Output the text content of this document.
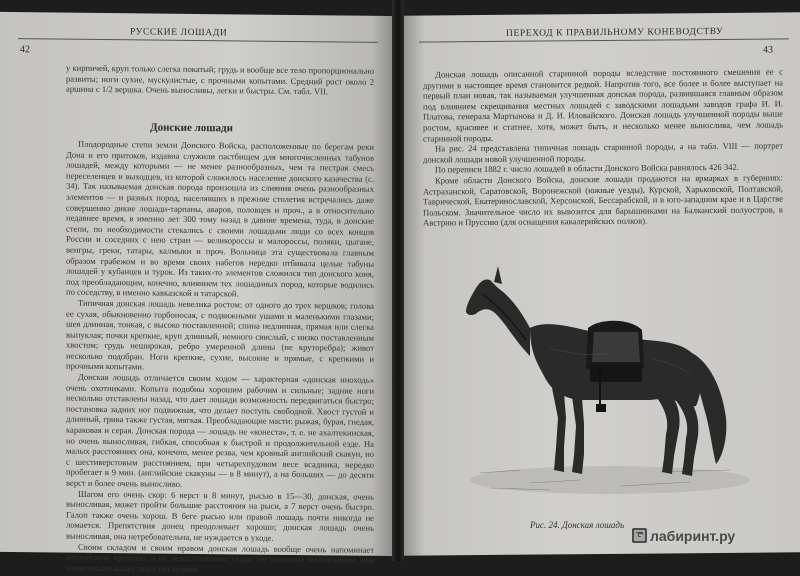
РУССКИЕ ЛОШАДИ
42

у кирпичей, круп только слегка покатый; грудь и вообще все тело пропорционально развиты; ноги сухие, мускулистые, с прочными копытами. Средний рост около 2 аршина с 1/2 вершка. Очень выносливы, легки и быстры. См. табл. VII.

Донские лошади

Плодородные степи земли Донского Войска, расположенные по берегам реки Дона и его притоков, издавна служили пастбищем для многочисленных табунов лошадей, между которыми — не менее разнообразных, чем та пестрая смесь переселенцев и выходцев, из которой сложилось население донского казачества (с. 34). Так называемая донская порода произошла из слияния очень разнообразных элементов — и разных пород, населявших в прежние столетия встречались даже совершенно дикие лошади-тарпаны, аваров, половцев и проч., а в относительно недавнее время, в именно лет 300 тому назад в давние времена, туда, в донские степи, по необходимости стекались с своими лошадьми люди со всех концов России и соседних с нею стран — великороссы и малороссы, поляки, цыгане, венгры, греки, татары, калмыки и проч. Вольница эта существовала главным образом грабежом и во время своих набегов нередко отбивала целые табуны лошадей у кубанцев и турок. Из таких-то элементов сложился тип донского коня, под преобладающим, конечно, влиянием тех лошадиных пород, которые водились по соседству, в именно кавказской и татарской.

Типичная донская лошадь невелика ростом: от одного до трех вершков; голова ее сухая, обыкновенно горбоносая, с подвижными ушами и маленькими глазами; шея длинная, тонкая, с высоко поставленной; спина недлинная, прямая или слегка выпуклая; почки крепкие, круп длинный, немного свислый, с низко поставленным хвостом; грудь неширокая, ребро умеренной длины (не круторебра); живот несколько подобран. Ноги крепкие, сухие, высокие и прямые, с крепкими и прочными копытами.

Донская лошадь отличается своим ходом — характерная «донская иноходь» очень охотниками. Копыта подобны хорошим рабочим и сильные; задние ноги несколько отставлены назад, что дает лошади возможность передвигаться быстро; постановка задних ног подвижная, что делает поступь свободной. Хвост густой и длинный, грива также густая, мягкая. Преобладающие масти: рыжая, бурая, гнедая, караковая и серая. Донская порода — лошадь не «конеста», т. е. не ахалтекинская, но очень выносливая, гибкая, способная к быстрой и продолжительной езде. На малых расстояниях она, конечно, менее резва, чем кровный английский скакун, но с шестиверстовым расстоянием, при четырехпудовом весе всадника, нередко пробегает в 9 мин. (английские скакуны — в 8 минут), а на больших — до десяти верст и более очень выносливо.

Шагом его очень скор: 6 верст в 8 минут, рысью в 15—30, донская, очень выносливая, может пройти большие расстояния на рыси, а 7 верст очень быстро. Галоп также очень хорош. В беге рысью или правой лошадь почти никогда не ломается. Препятствия донец преодолевает хорошо; донская лошадь очень выносливая, она нетребовательна, не нуждается в уходе.

Своим складом и своим нравом донская лошадь вообще очень напоминает английскую кровную, а от недостаточного ухода, не изнежена воспитанием, она значительно выносливее последней.

ПЕРЕХОД К ПРАВИЛЬНОМУ КОНЕВОДСТВУ
43

Донская лошадь описанной старинной породы вследствие постоянного смешения ее с другими в настоящее время становится редкой. Напротив того, все более и более выступает на первый план новая, так называемая улучшенная донская порода, развившаяся главным образом под влиянием скрещивания местных лошадей с заводскими лошадьми заводов графа И. И. Платова, генерала Мартынова и Д. И. Иловайского. Донская лошадь улучшенной породы выше ростом, красивее и статнее, хотя, может быть, и несколько менее вынослива, чем лошадь старинной породы.

На рис. 24 представлена типичная лошадь старинной породы, а на табл. VIII — портрет донской лошади новой улучшенной породы.

По переписи 1882 г. число лошадей в области Донского Войска равнялось 426 342.

Кроме области Донского Войска, донские лошади продаются на ярмарках в губерниях: Астраханской, Саратовской, Воронежской (южные уезды), Курской, Харьковской, Полтавской, Таврической, Екатеринославской, Херсонской, Бессарабской, и в юго-западном крае и в Царстве Польском. Значительное число их вывозится для барышниками на Балканский полуостров, в Австрию и Пруссию (для оснащения кавалерийских полков).

Рис. 24. Донская лошадь
лабиринт.ру
